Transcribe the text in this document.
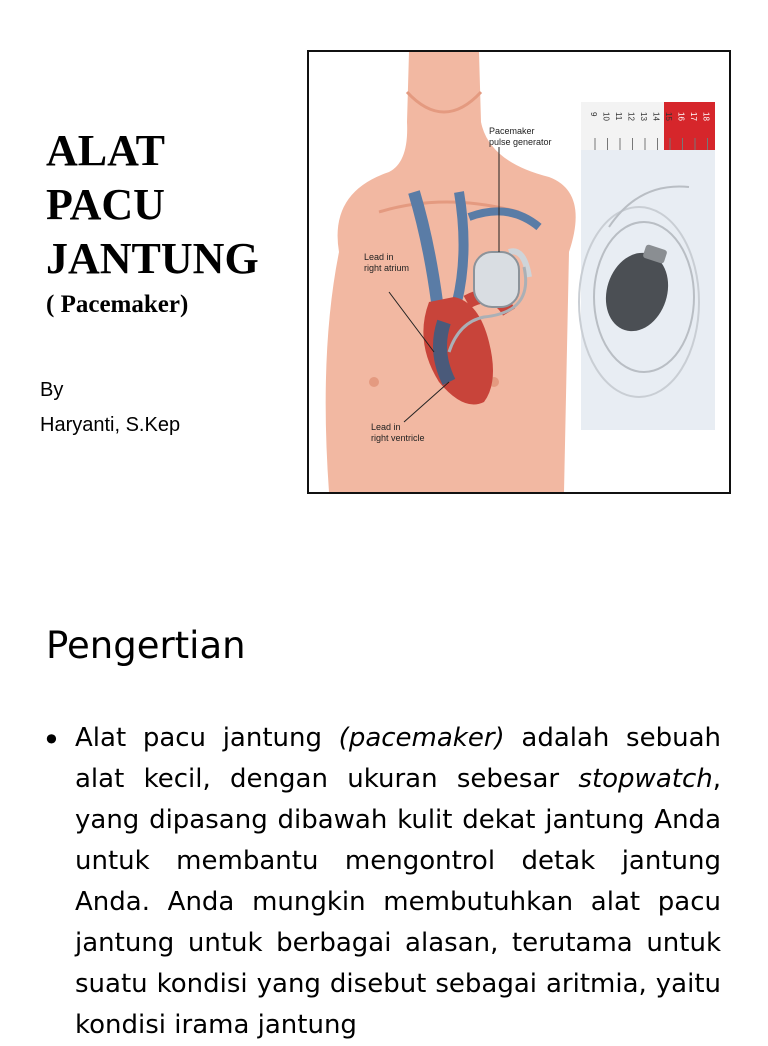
ALAT
PACU
JANTUNG
( Pacemaker)
By
Haryanti, S.Kep
Pacemaker
pulse generator
Lead in
right atrium
Lead in
right ventricle
9 10 11 12 13 14 15 16 17 18
Pengertian
• Alat pacu jantung (pacemaker) adalah sebuah alat kecil, dengan ukuran sebesar stopwatch, yang dipasang dibawah kulit dekat jantung Anda untuk membantu mengontrol detak jantung Anda. Anda mungkin membutuhkan alat pacu jantung untuk berbagai alasan, terutama untuk suatu kondisi yang disebut sebagai aritmia, yaitu kondisi irama jantung
